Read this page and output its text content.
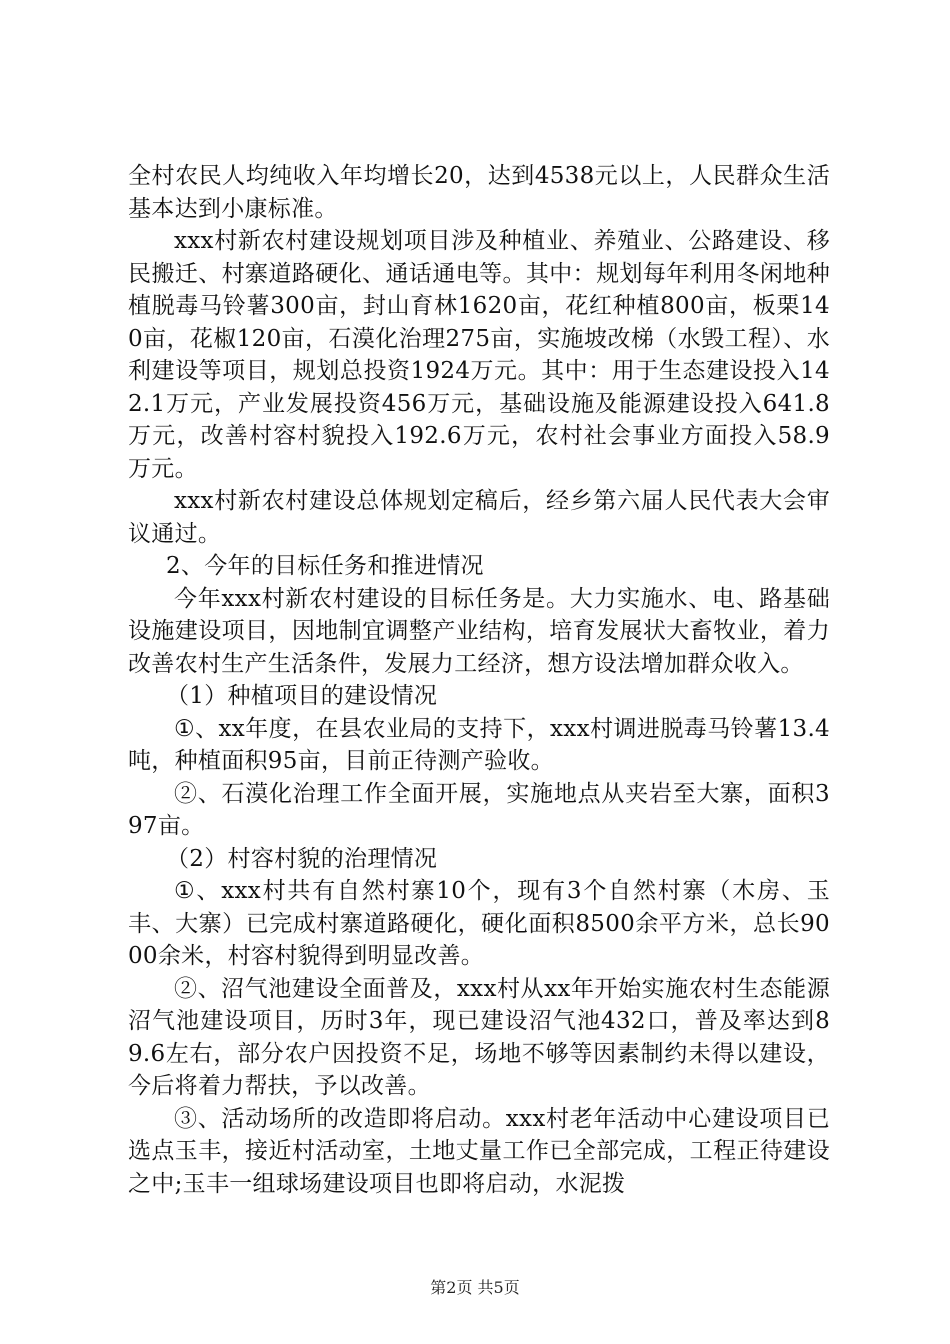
全村农民人均纯收入年均增长20，达到4538元以上，人民群众生活基本达到小康标准。

xxx村新农村建设规划项目涉及种植业、养殖业、公路建设、移民搬迁、村寨道路硬化、通话通电等。其中：规划每年利用冬闲地种植脱毒马铃薯300亩，封山育林1620亩，花红种植800亩，板栗140亩，花椒120亩，石漠化治理275亩，实施坡改梯（水毁工程）、水利建设等项目，规划总投资1924万元。其中：用于生态建设投入142.1万元，产业发展投资456万元，基础设施及能源建设投入641.8万元，改善村容村貌投入192.6万元，农村社会事业方面投入58.9万元。

xxx村新农村建设总体规划定稿后，经乡第六届人民代表大会审议通过。

2、今年的目标任务和推进情况

今年xxx村新农村建设的目标任务是。大力实施水、电、路基础设施建设项目，因地制宜调整产业结构，培育发展状大畜牧业，着力改善农村生产生活条件，发展力工经济，想方设法增加群众收入。

（1）种植项目的建设情况

①、xx年度，在县农业局的支持下，xxx村调进脱毒马铃薯13.4吨，种植面积95亩，目前正待测产验收。

②、石漠化治理工作全面开展，实施地点从夹岩至大寨，面积397亩。

（2）村容村貌的治理情况

①、xxx村共有自然村寨10个，现有3个自然村寨（木房、玉丰、大寨）已完成村寨道路硬化，硬化面积8500余平方米，总长9000余米，村容村貌得到明显改善。

②、沼气池建设全面普及，xxx村从xx年开始实施农村生态能源沼气池建设项目，历时3年，现已建设沼气池432口，普及率达到89.6左右，部分农户因投资不足，场地不够等因素制约未得以建设，今后将着力帮扶，予以改善。

③、活动场所的改造即将启动。xxx村老年活动中心建设项目已选点玉丰，接近村活动室，土地丈量工作已全部完成，工程正待建设之中;玉丰一组球场建设项目也即将启动，水泥拨

第2页 共5页
